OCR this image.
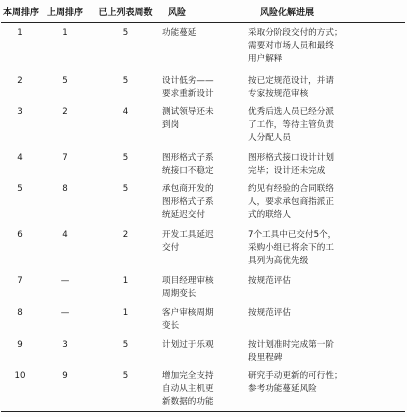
本周排序	上周排序	已上列表周数	风险	风险化解进展
1	1	5	功能蔓延	采取分阶段交付的方式；
需要对市场人员和最终
用户解释
2	5	5	设计低劣——
要求重新设计	按已定规范设计，并请
专家按规范审核
3	2	4	测试领导还未
到岗	优秀后选人员已经分派
了工作，等待主管负责
人分配人员
4	7	5	图形格式子系
统接口不稳定	图形格式接口设计计划
完毕；设计还未完成
5	8	5	承包商开发的
图形格式子系
统延迟交付	约见有经验的合同联络
人，要求承包商指派正
式的联络人
6	4	2	开发工具延迟
交付	7个工具中已交付5个，
采购小组已将余下的工
具列为高优先级
7	—	1	项目经理审核
周期变长	按规范评估
8	—	1	客户审核周期
变长	按规范评估
9	3	5	计划过于乐观	按计划准时完成第一阶
段里程碑
10	9	5	增加完全支持
自动从主机更
新数据的功能	研究手动更新的可行性；
参考功能蔓延风险
